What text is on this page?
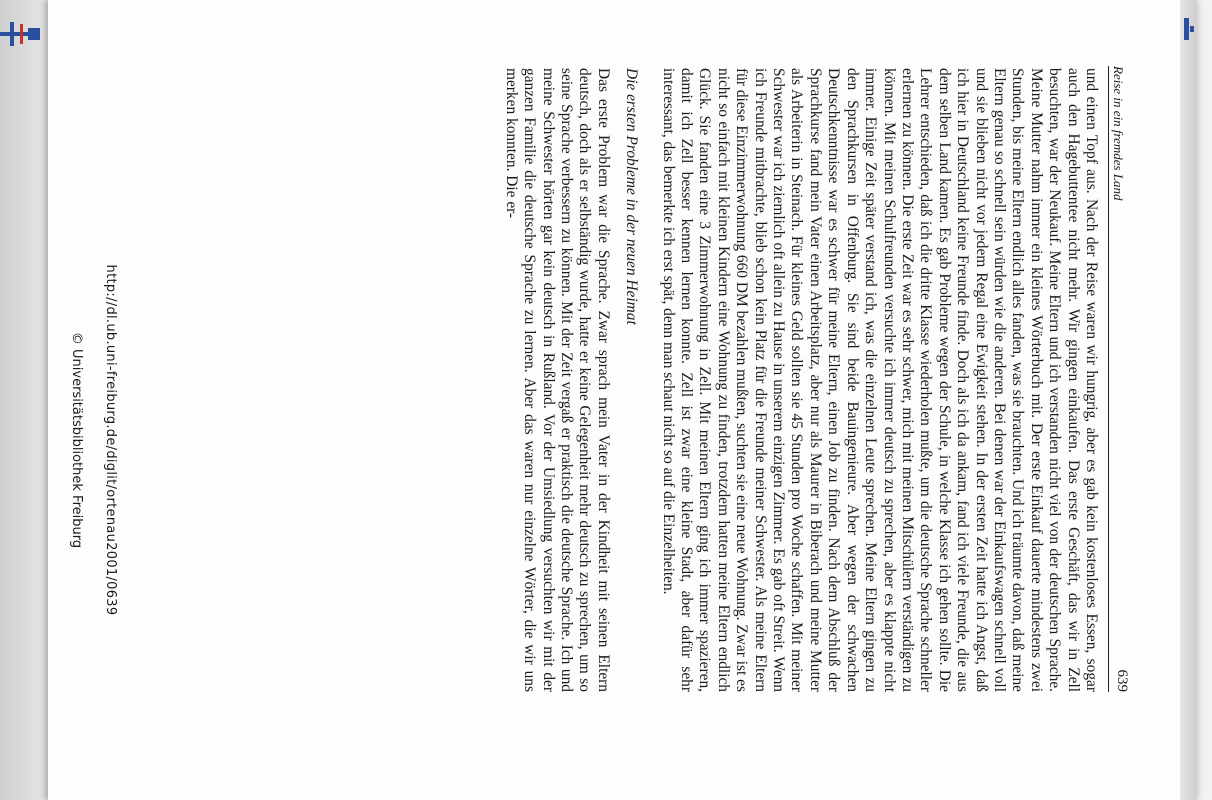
Reise in ein fremdes Land
639

und einen Topf aus. Nach der Reise waren wir hungrig, aber es gab kein kostenloses Essen, sogar auch den Hagebuttentee nicht mehr. Wir gingen einkaufen. Das erste Geschäft, das wir in Zell besuchten, war der Neukauf. Meine Eltern und ich verstanden nicht viel von der deutschen Sprache. Meine Mutter nahm immer ein kleines Wörterbuch mit. Der erste Einkauf dauerte mindestens zwei Stunden, bis meine Eltern endlich alles fanden, was sie brauchten. Und ich träumte davon, daß meine Eltern genau so schnell sein würden wie die anderen. Bei denen war der Einkaufswagen schnell voll und sie blieben nicht vor jedem Regal eine Ewigkeit stehen. In der ersten Zeit hatte ich Angst, daß ich hier in Deutschland keine Freunde finde. Doch als ich da ankam, fand ich viele Freunde, die aus dem selben Land kamen. Es gab Probleme wegen der Schule, in welche Klasse ich gehen sollte. Die Lehrer entschieden, daß ich die dritte Klasse wiederholen mußte, um die deutsche Sprache schneller erlernen zu können. Die erste Zeit war es sehr schwer, mich mit meinen Mitschülern verständigen zu können. Mit meinen Schulfreunden versuchte ich immer deutsch zu sprechen, aber es klappte nicht immer. Einige Zeit später verstand ich, was die einzelnen Leute sprechen. Meine Eltern gingen zu den Sprachkursen in Offenburg. Sie sind beide Bauingenieure. Aber wegen der schwachen Deutschkenntnisse war es schwer für meine Eltern, einen Job zu finden. Nach dem Abschluß der Sprachkurse fand mein Vater einen Arbeitsplatz, aber nur als Maurer in Biberach und meine Mutter als Arbeiterin in Steinach. Für kleines Geld sollten sie 45 Stunden pro Woche schaffen. Mit meiner Schwester war ich ziemlich oft allein zu Hause in unserem einzigen Zimmer. Es gab oft Streit. Wenn ich Freunde mitbrachte, blieb schon kein Platz für die Freunde meiner Schwester. Als meine Eltern für diese Einzimmerwohnung 660 DM bezahlen mußten, suchten sie eine neue Wohnung. Zwar ist es nicht so einfach mit kleinen Kindern eine Wohnung zu finden, trotzdem hatten meine Eltern endlich Glück. Sie fanden eine 3 Zimmerwohnung in Zell. Mit meinen Eltern ging ich immer spazieren, damit ich Zell besser kennen lernen konnte. Zell ist zwar eine kleine Stadt, aber dafür sehr interessant, das bemerkte ich erst spät, denn man schaut nicht so auf die Einzelheiten.

Die ersten Probleme in der neuen Heimat

Das erste Problem war die Sprache. Zwar sprach mein Vater in der Kindheit mit seinen Eltern deutsch, doch als er selbständig wurde, hatte er keine Gelegenheit mehr deutsch zu sprechen, um so seine Sprache verbessern zu können. Mit der Zeit vergaß er praktisch die deutsche Sprache. Ich und meine Schwester hörten gar kein deutsch in Rußland. Vor der Umsiedlung versuchten wir mit der ganzen Familie die deutsche Sprache zu lernen. Aber das waren nur einzelne Wörter, die wir uns merken konnten. Die er-

http://dl.ub.uni-freiburg.de/diglit/ortenau2001/0639
© Universitätsbibliothek Freiburg
